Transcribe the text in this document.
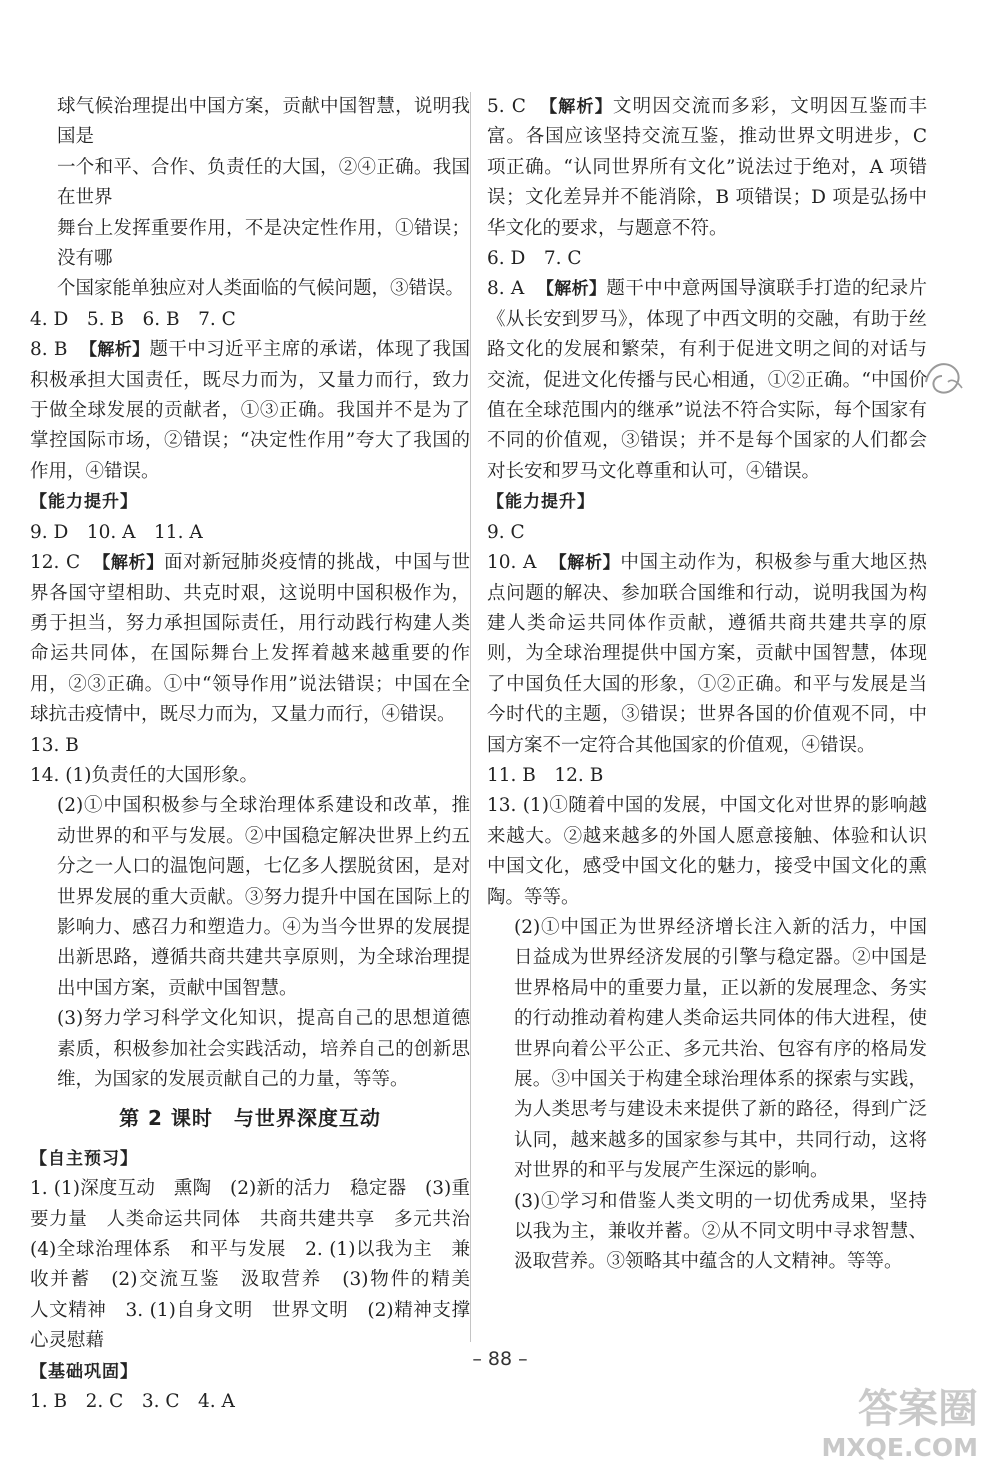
球气候治理提出中国方案，贡献中国智慧，说明我国是

一个和平、合作、负责任的大国，②④正确。我国在世界

舞台上发挥重要作用，不是决定性作用，①错误；没有哪

个国家能单独应对人类面临的气候问题，③错误。

4. D　5. B　6. B　7. C

8. B 【解析】题干中习近平主席的承诺，体现了我国积极承担大国责任，既尽力而为，又量力而行，致力于做全球发展的贡献者，①③正确。我国并不是为了掌控国际市场，②错误；“决定性作用”夸大了我国的作用，④错误。

【能力提升】

9. D　10. A　11. A

12. C 【解析】面对新冠肺炎疫情的挑战，中国与世界各国守望相助、共克时艰，这说明中国积极作为，勇于担当，努力承担国际责任，用行动践行构建人类命运共同体，在国际舞台上发挥着越来越重要的作用，②③正确。①中“领导作用”说法错误；中国在全球抗击疫情中，既尽力而为，又量力而行，④错误。

13. B

14. (1)负责任的大国形象。

(2)①中国积极参与全球治理体系建设和改革，推动世界的和平与发展。②中国稳定解决世界上约五分之一人口的温饱问题，七亿多人摆脱贫困，是对世界发展的重大贡献。③努力提升中国在国际上的影响力、感召力和塑造力。④为当今世界的发展提出新思路，遵循共商共建共享原则，为全球治理提出中国方案，贡献中国智慧。

(3)努力学习科学文化知识，提高自己的思想道德素质，积极参加社会实践活动，培养自己的创新思维，为国家的发展贡献自己的力量，等等。

第 2 课时　与世界深度互动

【自主预习】

1. (1)深度互动　熏陶　(2)新的活力　稳定器　(3)重要力量　人类命运共同体　共商共建共享　多元共治　(4)全球治理体系　和平与发展　2. (1)以我为主　兼收并蓄　(2)交流互鉴　汲取营养　(3)物件的精美　人文精神　3. (1)自身文明　世界文明　(2)精神支撑　心灵慰藉

【基础巩固】

1. B　2. C　3. C　4. A

5. C 【解析】文明因交流而多彩，文明因互鉴而丰富。各国应该坚持交流互鉴，推动世界文明进步，C 项正确。“认同世界所有文化”说法过于绝对，A 项错误；文化差异并不能消除，B 项错误；D 项是弘扬中华文化的要求，与题意不符。

6. D　7. C

8. A 【解析】题干中中意两国导演联手打造的纪录片《从长安到罗马》，体现了中西文明的交融，有助于丝路文化的发展和繁荣，有利于促进文明之间的对话与交流，促进文化传播与民心相通，①②正确。“中国价值在全球范围内的继承”说法不符合实际，每个国家有不同的价值观，③错误；并不是每个国家的人们都会对长安和罗马文化尊重和认可，④错误。

【能力提升】

9. C

10. A 【解析】中国主动作为，积极参与重大地区热点问题的解决、参加联合国维和行动，说明我国为构建人类命运共同体作贡献，遵循共商共建共享的原则，为全球治理提供中国方案，贡献中国智慧，体现了中国负任大国的形象，①②正确。和平与发展是当今时代的主题，③错误；世界各国的价值观不同，中国方案不一定符合其他国家的价值观，④错误。

11. B　12. B

13. (1)①随着中国的发展，中国文化对世界的影响越来越大。②越来越多的外国人愿意接触、体验和认识中国文化，感受中国文化的魅力，接受中国文化的熏陶。等等。

(2)①中国正为世界经济增长注入新的活力，中国日益成为世界经济发展的引擎与稳定器。②中国是世界格局中的重要力量，正以新的发展理念、务实的行动推动着构建人类命运共同体的伟大进程，使世界向着公平公正、多元共治、包容有序的格局发展。③中国关于构建全球治理体系的探索与实践，为人类思考与建设未来提供了新的路径，得到广泛认同，越来越多的国家参与其中，共同行动，这将对世界的和平与发展产生深远的影响。

(3)①学习和借鉴人类文明的一切优秀成果，坚持以我为主，兼收并蓄。②从不同文明中寻求智慧、汲取营养。③领略其中蕴含的人文精神。等等。

– 88 –
答案圈
MXQE.COM
